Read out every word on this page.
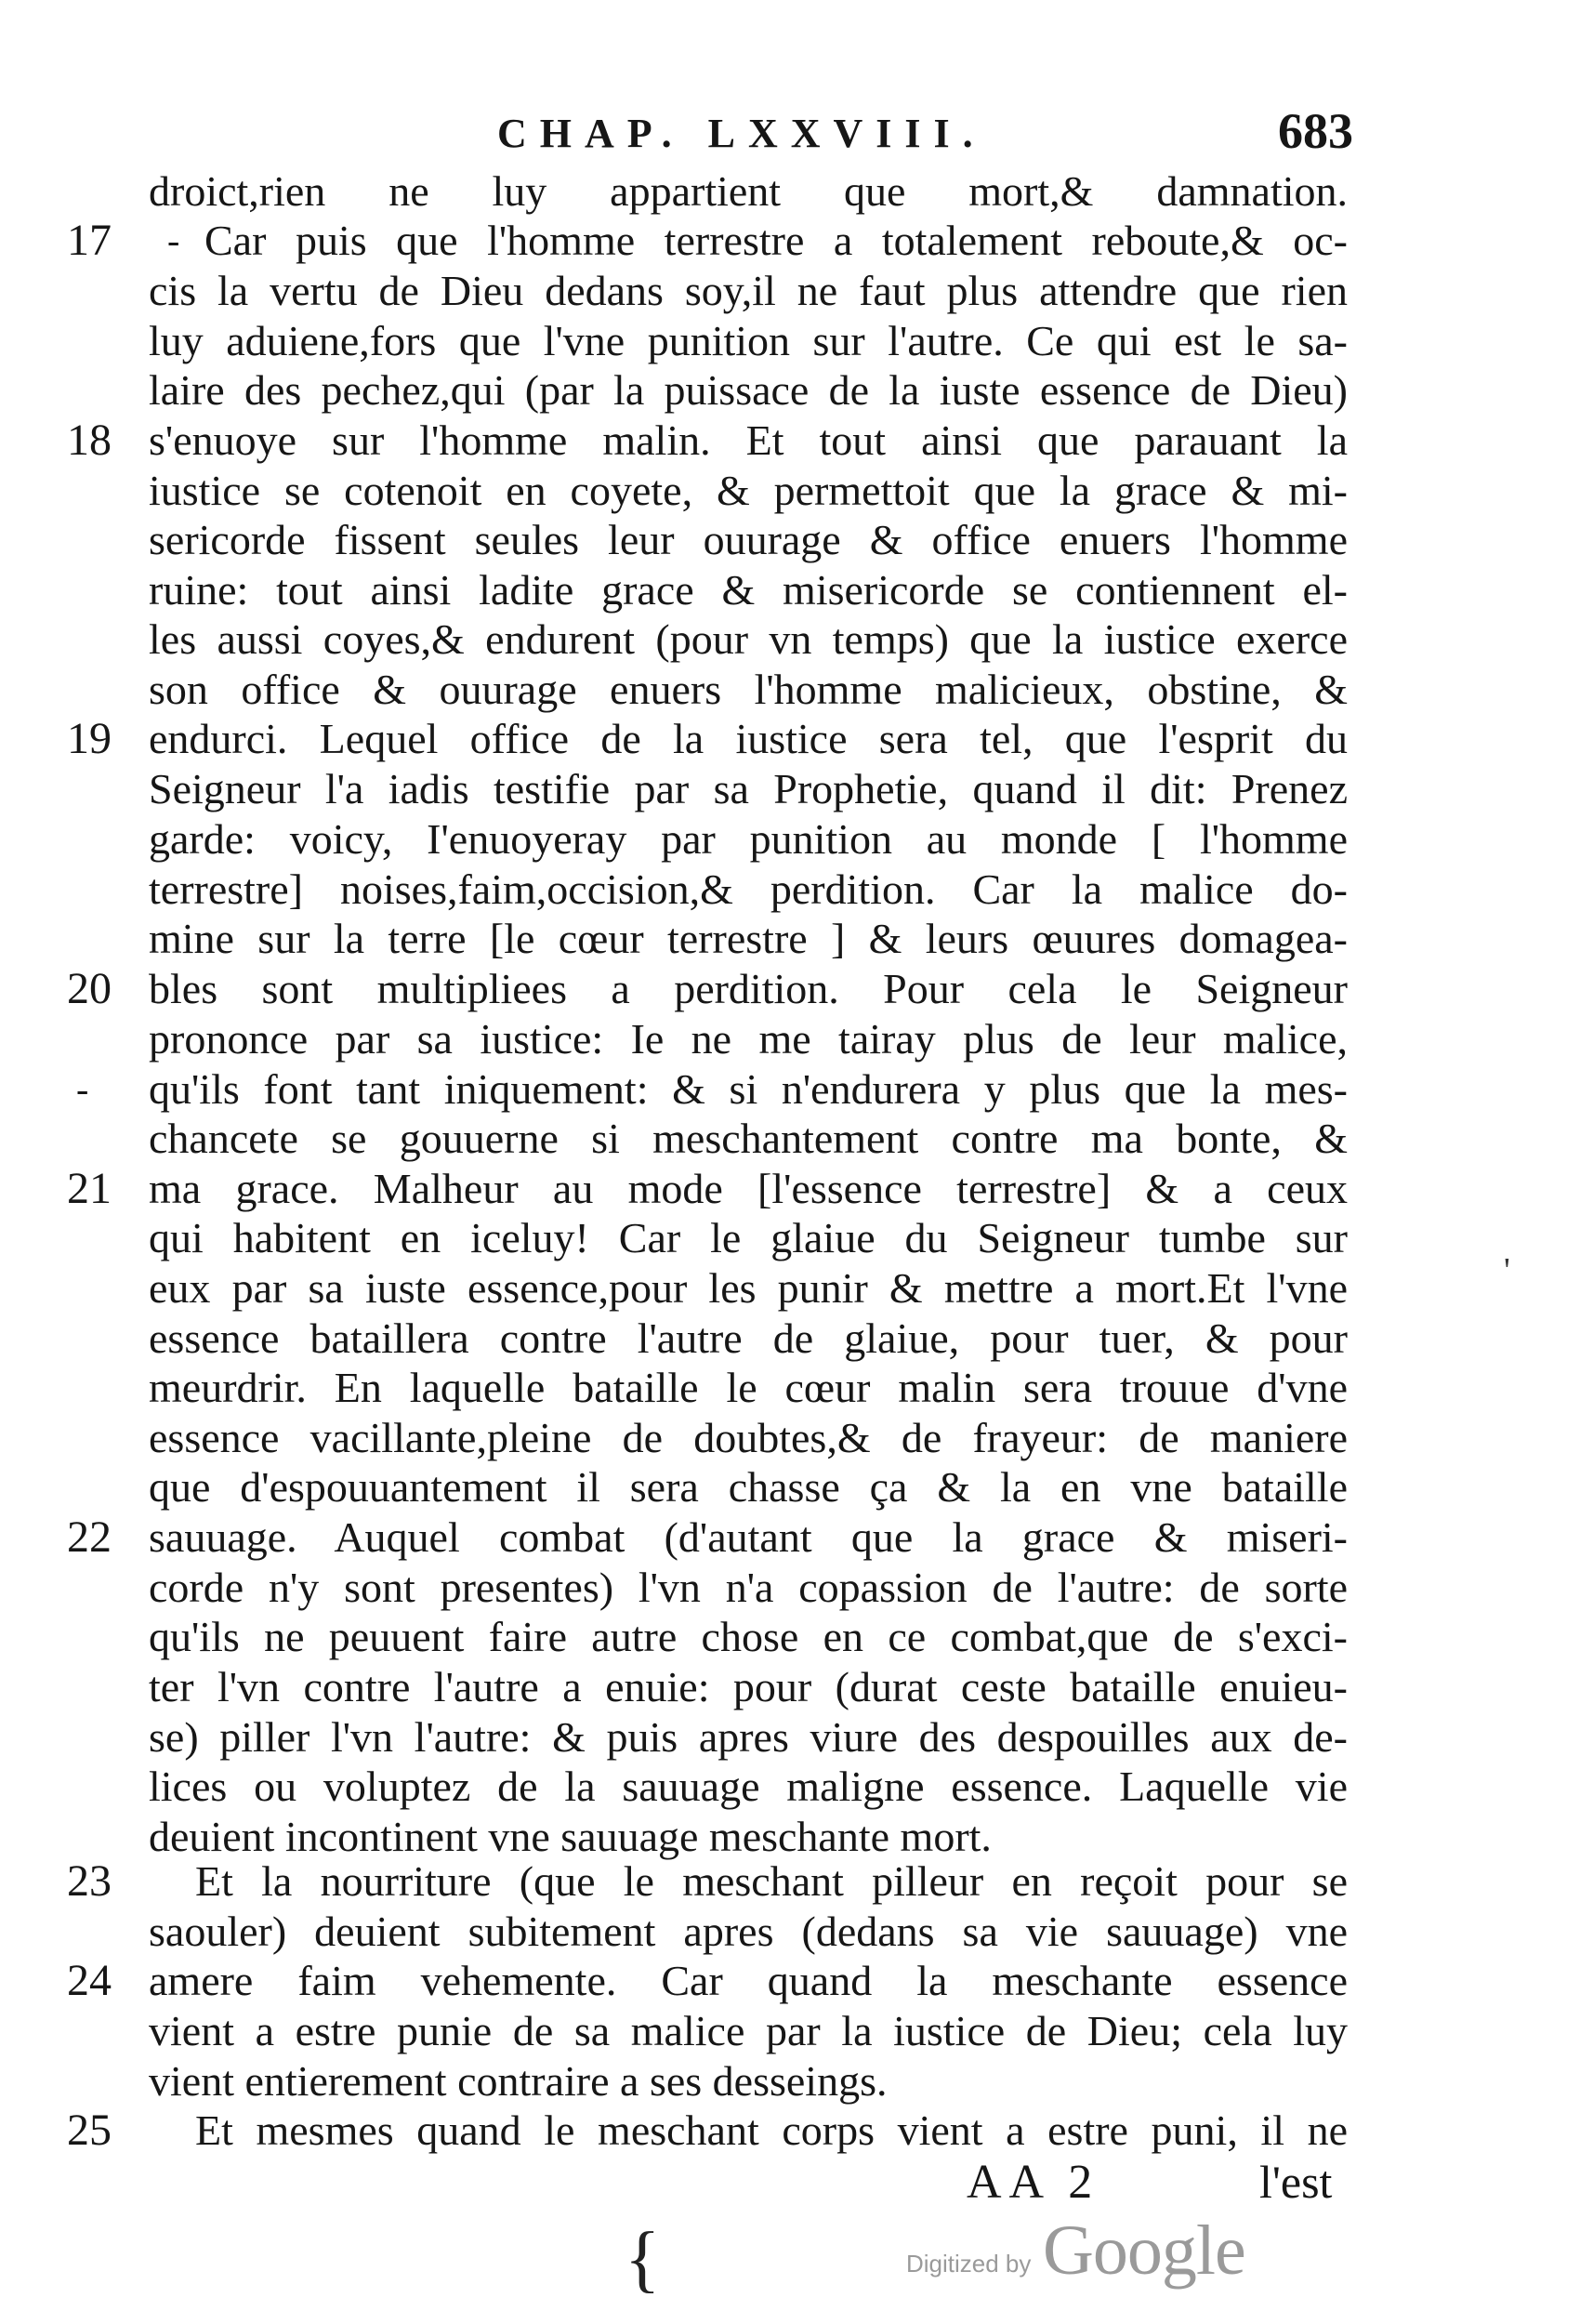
CHAP. LXXVIII.	683
17
18
19
20
21
22
23
24
25
-
-
droict,rien ne luy appartient que mort,& damnation.
Car puis que l'homme terrestre a totalement reboute,& oc-
cis la vertu de Dieu dedans soy,il ne faut plus attendre que rien
luy aduiene,fors que l'vne punition sur l'autre. Ce qui est le sa-
laire des pechez,qui (par la puissace de la iuste essence de Dieu)
s'enuoye sur l'homme malin. Et tout ainsi que parauant la
iustice se cotenoit en coyete, & permettoit que la grace & mi-
sericorde fissent seules leur ouurage & office enuers l'homme
ruine: tout ainsi ladite grace & misericorde se contiennent el-
les aussi coyes,& endurent (pour vn temps) que la iustice exerce
son office & ouurage enuers l'homme malicieux, obstine, &
endurci. Lequel office de la iustice sera tel, que l'esprit du
Seigneur l'a iadis testifie par sa Prophetie, quand il dit: Prenez
garde: voicy, I'enuoyeray par punition au monde [ l'homme
terrestre] noises,faim,occision,& perdition. Car la malice do-
mine sur la terre [le cœur terrestre ] & leurs œuures domagea-
bles sont multipliees a perdition. Pour cela le Seigneur
prononce par sa iustice: Ie ne me tairay plus de leur malice,
qu'ils font tant iniquement: & si n'endurera y plus que la mes-
chancete se gouuerne si meschantement contre ma bonte, &
ma grace. Malheur au mode [l'essence terrestre] & a ceux
qui habitent en iceluy! Car le glaiue du Seigneur tumbe sur
eux par sa iuste essence,pour les punir & mettre a mort.Et l'vne
essence bataillera contre l'autre de glaiue, pour tuer, & pour
meurdrir. En laquelle bataille le cœur malin sera trouue d'vne
essence vacillante,pleine de doubtes,& de frayeur: de maniere
que d'espouuantement il sera chasse ça & la en vne bataille
sauuage. Auquel combat (d'autant que la grace & miseri-
corde n'y sont presentes) l'vn n'a copassion de l'autre: de sorte
qu'ils ne peuuent faire autre chose en ce combat,que de s'exci-
ter l'vn contre l'autre a enuie: pour (durat ceste bataille enuieu-
se) piller l'vn l'autre: & puis apres viure des despouilles aux de-
lices ou voluptez de la sauuage maligne essence. Laquelle vie
deuient incontinent vne sauuage meschante mort.
Et la nourriture (que le meschant pilleur en reçoit pour se
saouler) deuient subitement apres (dedans sa vie sauuage) vne
amere faim vehemente. Car quand la meschante essence
vient a estre punie de sa malice par la iustice de Dieu; cela luy
vient entierement contraire a ses desseings.
Et mesmes quand le meschant corps vient a estre puni, il ne
AA 2	l'est
Digitized by Google
{
'
